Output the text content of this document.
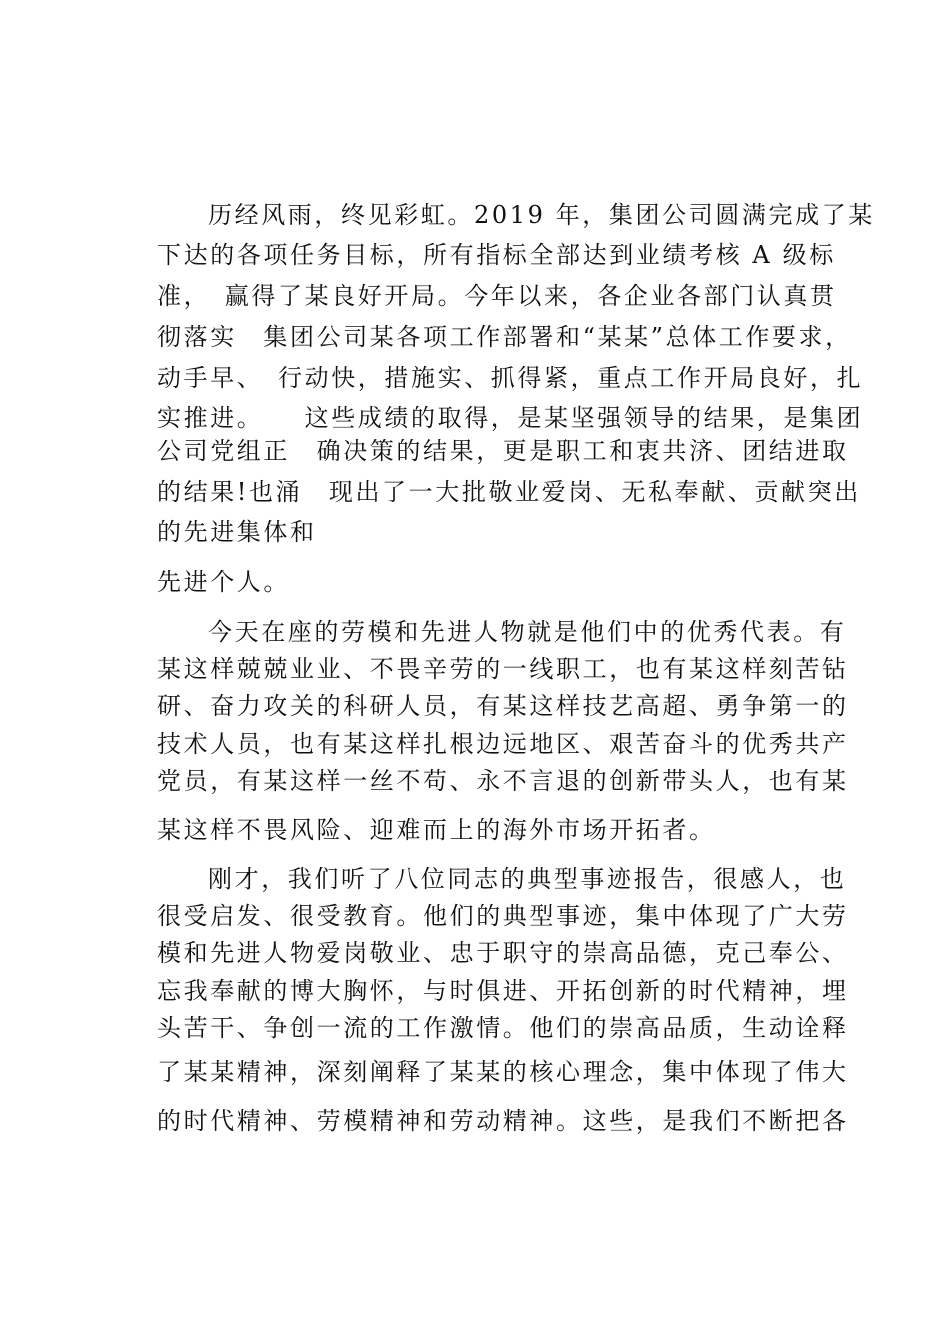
历经风雨，终见彩虹。2019 年，集团公司圆满完成了某
下达的各项任务目标，所有指标全部达到业绩考核 A 级标
准，　赢得了某良好开局。今年以来，各企业各部门认真贯
彻落实　集团公司某各项工作部署和“某某”总体工作要求，
动手早、　行动快，措施实、抓得紧，重点工作开局良好，扎
实推进。　　这些成绩的取得，是某坚强领导的结果，是集团
公司党组正　确决策的结果，更是职工和衷共济、团结进取
的结果!也涌　现出了一大批敬业爱岗、无私奉献、贡献突出
的先进集体和
先进个人。
今天在座的劳模和先进人物就是他们中的优秀代表。有
某这样兢兢业业、不畏辛劳的一线职工，也有某这样刻苦钻
研、奋力攻关的科研人员，有某这样技艺高超、勇争第一的
技术人员，也有某这样扎根边远地区、艰苦奋斗的优秀共产
党员，有某这样一丝不苟、永不言退的创新带头人，也有某
某这样不畏风险、迎难而上的海外市场开拓者。
刚才，我们听了八位同志的典型事迹报告，很感人，也
很受启发、很受教育。他们的典型事迹，集中体现了广大劳
模和先进人物爱岗敬业、忠于职守的崇高品德，克己奉公、
忘我奉献的博大胸怀，与时俱进、开拓创新的时代精神，埋
头苦干、争创一流的工作激情。他们的崇高品质，生动诠释
了某某精神，深刻阐释了某某的核心理念，集中体现了伟大
的时代精神、劳模精神和劳动精神。这些，是我们不断把各
